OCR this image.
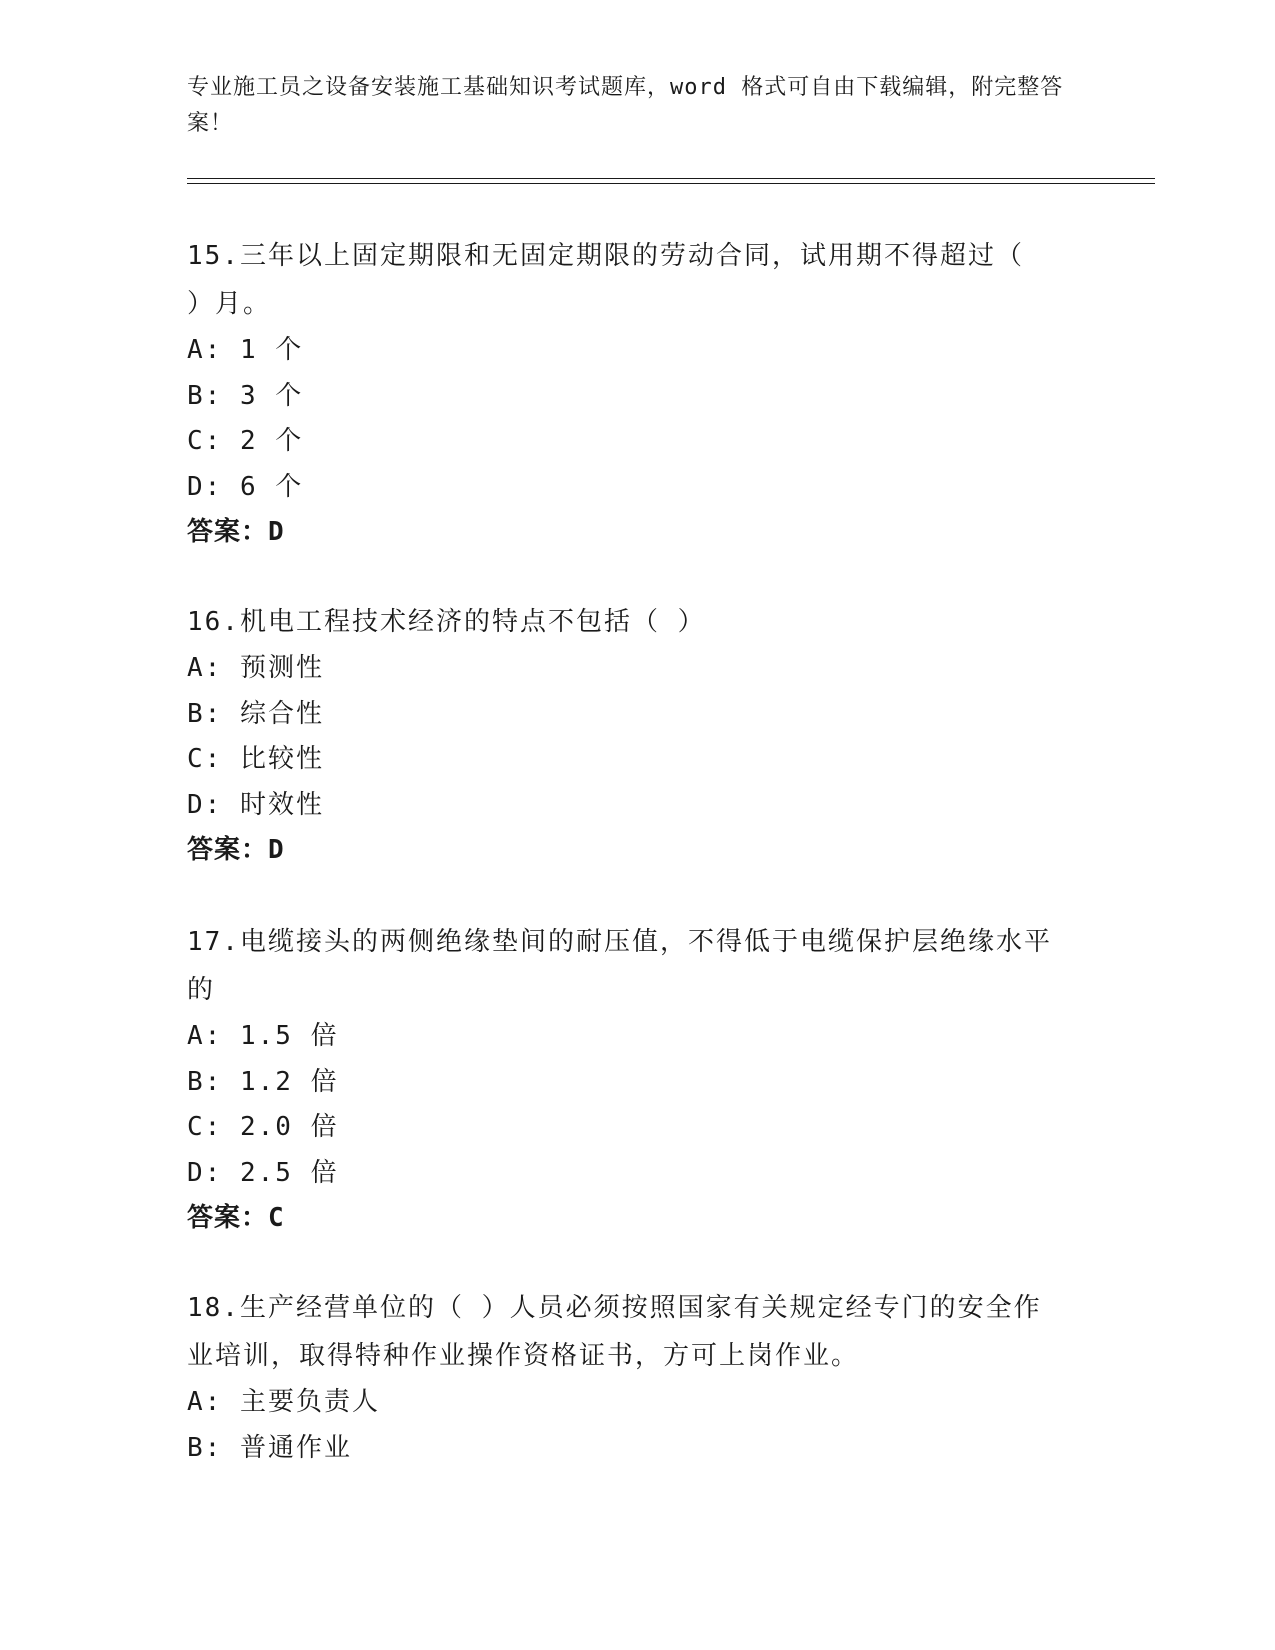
专业施工员之设备安装施工基础知识考试题库，word 格式可自由下载编辑，附完整答案！
15.三年以上固定期限和无固定期限的劳动合同，试用期不得超过（
）月。
A: 1 个
B: 3 个
C: 2 个
D: 6 个
答案：D
16.机电工程技术经济的特点不包括（ ）
A: 预测性
B: 综合性
C: 比较性
D: 时效性
答案：D
17.电缆接头的两侧绝缘垫间的耐压值，不得低于电缆保护层绝缘水平
的
A: 1.5 倍
B: 1.2 倍
C: 2.0 倍
D: 2.5 倍
答案：C
18.生产经营单位的（ ）人员必须按照国家有关规定经专门的安全作
业培训，取得特种作业操作资格证书，方可上岗作业。
A: 主要负责人
B: 普通作业
